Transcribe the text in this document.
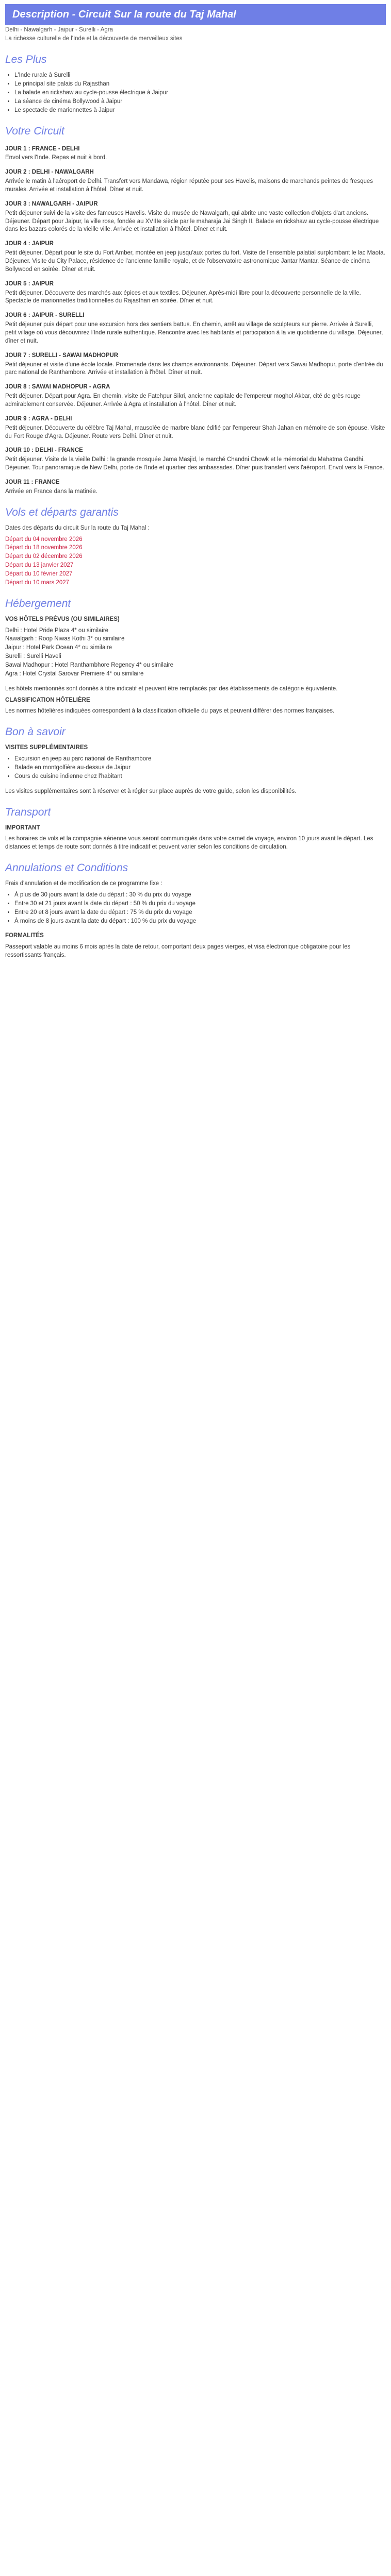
Description - Circuit Sur la route du Taj Mahal
Delhi - Nawalgarh - Jaipur - Surelli - Agra
La richesse culturelle de l'Inde et la découverte de merveilleux sites
Les Plus
• L'Inde rurale à Surelli
• Le principal site palais du Rajasthan
• La balade en rickshaw au cycle-pousse électrique à Jaipur
• La séance de cinéma Bollywood à Jaipur
• Le spectacle de marionnettes à Jaipur
Votre Circuit
JOUR 1 : FRANCE - DELHI

Envol vers l'Inde. Repas et nuit à bord.

JOUR 2 : DELHI - NAWALGARH

Arrivée le matin à l'aéroport de Delhi. Transfert vers Mandawa, région réputée pour ses Havelis, maisons de marchands peintes de fresques murales. Arrivée et installation à l'hôtel. Dîner et nuit.

JOUR 3 : NAWALGARH - JAIPUR

Petit déjeuner suivi de la visite des fameuses Havelis. Visite du musée de Nawalgarh, qui abrite une vaste collection d'objets d'art anciens. Déjeuner. Départ pour Jaipur, la ville rose, fondée au XVIIIe siècle par le maharaja Jai Singh II. Balade en rickshaw au cycle-pousse électrique dans les bazars colorés de la vieille ville. Arrivée et installation à l'hôtel. Dîner et nuit.

JOUR 4 : JAIPUR

Petit déjeuner. Départ pour le site du Fort Amber, montée en jeep jusqu'aux portes du fort. Visite de l'ensemble palatial surplombant le lac Maota. Déjeuner. Visite du City Palace, résidence de l'ancienne famille royale, et de l'observatoire astronomique Jantar Mantar. Séance de cinéma Bollywood en soirée. Dîner et nuit.

JOUR 5 : JAIPUR

Petit déjeuner. Découverte des marchés aux épices et aux textiles. Déjeuner. Après-midi libre pour la découverte personnelle de la ville. Spectacle de marionnettes traditionnelles du Rajasthan en soirée. Dîner et nuit.

JOUR 6 : JAIPUR - SURELLI

Petit déjeuner puis départ pour une excursion hors des sentiers battus. En chemin, arrêt au village de sculpteurs sur pierre. Arrivée à Surelli, petit village où vous découvrirez l'Inde rurale authentique. Rencontre avec les habitants et participation à la vie quotidienne du village. Déjeuner, dîner et nuit.

JOUR 7 : SURELLI - SAWAI MADHOPUR

Petit déjeuner et visite d'une école locale. Promenade dans les champs environnants. Déjeuner. Départ vers Sawai Madhopur, porte d'entrée du parc national de Ranthambore. Arrivée et installation à l'hôtel. Dîner et nuit.

JOUR 8 : SAWAI MADHOPUR - AGRA

Petit déjeuner. Départ pour Agra. En chemin, visite de Fatehpur Sikri, ancienne capitale de l'empereur moghol Akbar, cité de grès rouge admirablement conservée. Déjeuner. Arrivée à Agra et installation à l'hôtel. Dîner et nuit.

JOUR 9 : AGRA - DELHI

Petit déjeuner. Découverte du célèbre Taj Mahal, mausolée de marbre blanc édifié par l'empereur Shah Jahan en mémoire de son épouse. Visite du Fort Rouge d'Agra. Déjeuner. Route vers Delhi. Dîner et nuit.

JOUR 10 : DELHI - FRANCE

Petit déjeuner. Visite de la vieille Delhi : la grande mosquée Jama Masjid, le marché Chandni Chowk et le mémorial du Mahatma Gandhi. Déjeuner. Tour panoramique de New Delhi, porte de l'Inde et quartier des ambassades. Dîner puis transfert vers l'aéroport. Envol vers la France.

JOUR 11 : FRANCE

Arrivée en France dans la matinée.

Vols et départs garantis

Dates des départs du circuit Sur la route du Taj Mahal :

Départ du 04 novembre 2026
Départ du 18 novembre 2026
Départ du 02 décembre 2026
Départ du 13 janvier 2027
Départ du 10 février 2027
Départ du 10 mars 2027
Hébergement

VOS HÔTELS PRÉVUS (OU SIMILAIRES)

Delhi : Hotel Pride Plaza 4* ou similaire
Nawalgarh : Roop Niwas Kothi 3* ou similaire
Jaipur : Hotel Park Ocean 4* ou similaire
Surelli : Surelli Haveli
Sawai Madhopur : Hotel Ranthambhore Regency 4* ou similaire
Agra : Hotel Crystal Sarovar Premiere 4* ou similaire

Les hôtels mentionnés sont donnés à titre indicatif et peuvent être remplacés par des établissements de catégorie équivalente.

CLASSIFICATION HÔTELIÈRE

Les normes hôtelières indiquées correspondent à la classification officielle du pays et peuvent différer des normes françaises.

Bon à savoir

VISITES SUPPLÉMENTAIRES

• Excursion en jeep au parc national de Ranthambore
• Balade en montgolfière au-dessus de Jaipur
• Cours de cuisine indienne chez l'habitant

Les visites supplémentaires sont à réserver et à régler sur place auprès de votre guide, selon les disponibilités.

Transport

IMPORTANT

Les horaires de vols et la compagnie aérienne vous seront communiqués dans votre carnet de voyage, environ 10 jours avant le départ. Les distances et temps de route sont donnés à titre indicatif et peuvent varier selon les conditions de circulation.

Annulations et Conditions

Frais d'annulation et de modification de ce programme fixe :

• À plus de 30 jours avant la date du départ : 30 % du prix du voyage
• Entre 30 et 21 jours avant la date du départ : 50 % du prix du voyage
• Entre 20 et 8 jours avant la date du départ : 75 % du prix du voyage
• À moins de 8 jours avant la date du départ : 100 % du prix du voyage

FORMALITÉS

Passeport valable au moins 6 mois après la date de retour, comportant deux pages vierges, et visa électronique obligatoire pour les ressortissants français.
